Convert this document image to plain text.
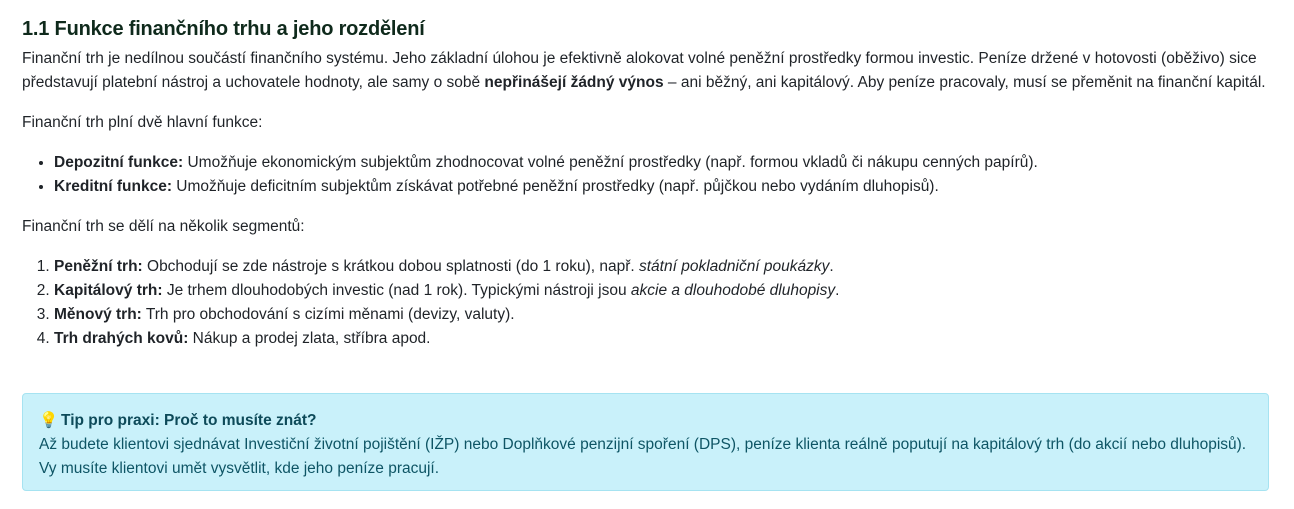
1.1 Funkce finančního trhu a jeho rozdělení

Finanční trh je nedílnou součástí finančního systému. Jeho základní úlohou je efektivně alokovat volné peněžní prostředky formou investic. Peníze držené v hotovosti (oběživo) sice představují platební nástroj a uchovatele hodnoty, ale samy o sobě nepřinášejí žádný výnos – ani běžný, ani kapitálový. Aby peníze pracovaly, musí se přeměnit na finanční kapitál.

Finanční trh plní dvě hlavní funkce:

• Depozitní funkce: Umožňuje ekonomickým subjektům zhodnocovat volné peněžní prostředky (např. formou vkladů či nákupu cenných papírů).
• Kreditní funkce: Umožňuje deficitním subjektům získávat potřebné peněžní prostředky (např. půjčkou nebo vydáním dluhopisů).

Finanční trh se dělí na několik segmentů:

1. Peněžní trh: Obchodují se zde nástroje s krátkou dobou splatnosti (do 1 roku), např. státní pokladniční poukázky.
2. Kapitálový trh: Je trhem dlouhodobých investic (nad 1 rok). Typickými nástroji jsou akcie a dlouhodobé dluhopisy.
3. Měnový trh: Trh pro obchodování s cizími měnami (devizy, valuty).
4. Trh drahých kovů: Nákup a prodej zlata, stříbra apod.
💡 Tip pro praxi: Proč to musíte znát?
Až budete klientovi sjednávat Investiční životní pojištění (IŽP) nebo Doplňkové penzijní spoření (DPS), peníze klienta reálně poputují na kapitálový trh (do akcií nebo dluhopisů). Vy musíte klientovi umět vysvětlit, kde jeho peníze pracují.
